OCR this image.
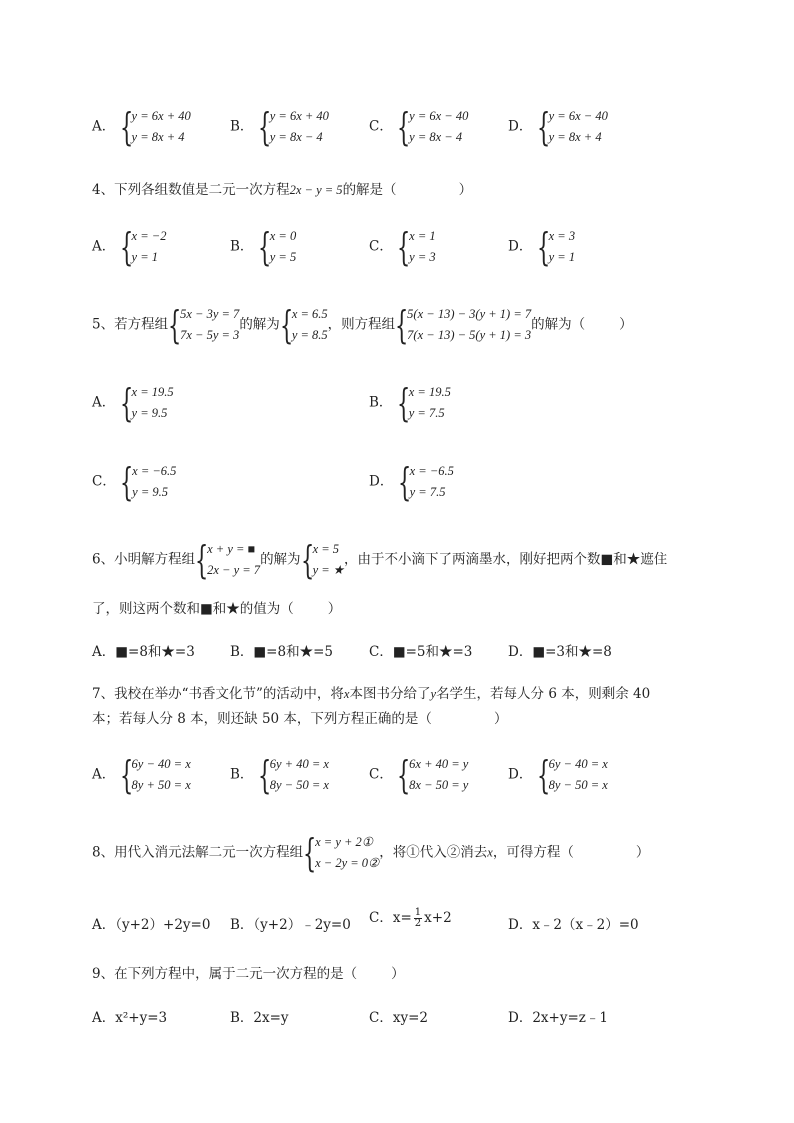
A． {
y = 6x + 40
y = 8x + 4
B． {
y = 6x + 40
y = 8x − 4
C． {
y = 6x − 40
y = 8x − 4
D． {
y = 6x − 40
y = 8x + 4
4、下列各组数值是二元一次方程2x − y = 5的解是（	）
A． {
x = −2
y = 1
B． {
x = 0
y = 5
C． {
x = 1
y = 3
D． {
x = 3
y = 1
5、若方程组 {
5x − 3y = 7
7x − 5y = 3
的解为 {
x = 6.5
y = 8.5
，则方程组 {
5(x − 13) − 3(y + 1) = 7
7(x − 13) − 5(y + 1) = 3
的解为（	）
A． {
x = 19.5
y = 9.5
B． {
x = 19.5
y = 7.5
C． {
x = −6.5
y = 9.5
D． {
x = −6.5
y = 7.5
6、小明解方程组 {
x + y = ■
2x − y = 7
的解为 {
x = 5
y = ★
，由于不小滴下了两滴墨水，刚好把两个数■和★遮住
了，则这两个数和■和★的值为（	）
A．■=8和★=3	B．■=8和★=5	C．■=5和★=3	D．■=3和★=8
7、我校在举办“书香文化节”的活动中，将x本图书分给了y名学生，若每人分 6 本，则剩余 40
本；若每人分 8 本，则还缺 50 本，下列方程正确的是（	）
A． {
6y − 40 = x
8y + 50 = x
B． {
6y + 40 = x
8y − 50 = x
C． {
6x + 40 = y
8x − 50 = y
D． {
6y − 40 = x
8y − 50 = x
8、用代入消元法解二元一次方程组 {
x = y + 2①
x − 2y = 0②
，将①代入②消去x，可得方程（	）
A．（y+2）+2y=0 B．（y+2）﹣2y=0 C．$x= \frac{1}{2} x+2$	D．x﹣2（x﹣2）=0
9、在下列方程中，属于二元一次方程的是（	）
A．x²+y=3	B．2x=y	C．xy=2	D．2x+y=z﹣1
